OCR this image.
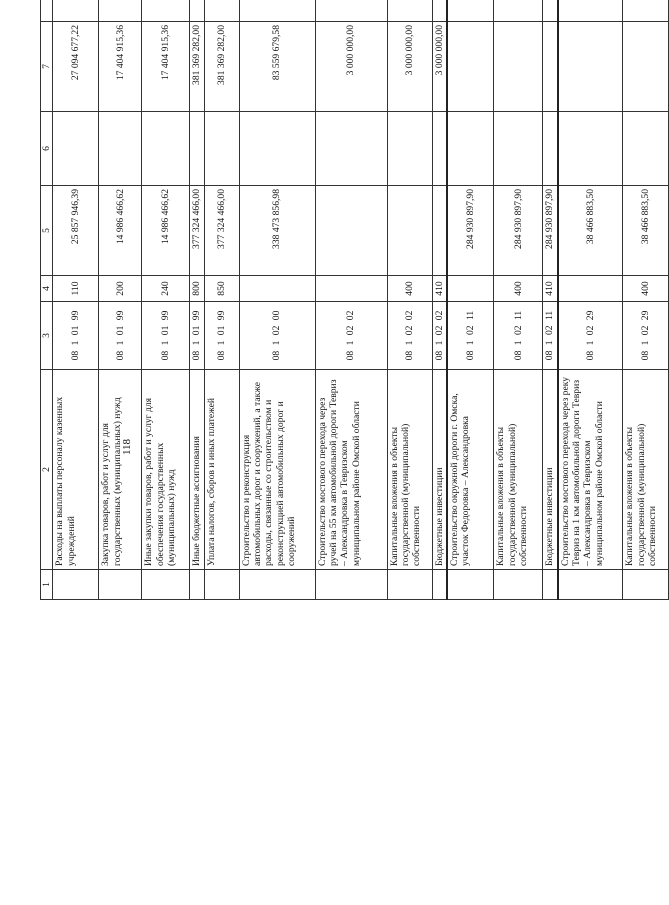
118
1	2	3	4	5	6	7			
	Расходы на выплаты персоналу казенных учреждений	08 1 01 99	110	25 857 946,39		27 094 677,22			
	Закупка товаров, работ и услуг для государственных (муниципальных) нужд	08 1 01 99	200	14 986 466,62		17 404 915,36			
	Иные закупки товаров, работ и услуг для обеспечения государственных (муниципальных) нужд	08 1 01 99	240	14 986 466,62		17 404 915,36			
	Иные бюджетные ассигнования	08 1 01 99	800	377 324 466,00		381 369 282,00			
	Уплата налогов, сборов и иных платежей	08 1 01 99	850	377 324 466,00		381 369 282,00			
	Строительство и реконструкция автомобильных дорог и сооружений, а также расходы, связанные со строительством и реконструкцией автомобильных дорог и сооружений	08 1 02 00		338 473 856,98		83 559 679,58			
	Строительство мостового перехода через ручей на 55 км автомобильной дороги Тевриз – Александровка в Тевризском муниципальном районе Омской области	08 1 02 02				3 000 000,00			
	Капитальные вложения в объекты государственной (муниципальной) собственности	08 1 02 02	400			3 000 000,00			
	Бюджетные инвестиции	08 1 02 02	410			3 000 000,00			
	Строительство окружной дороги г. Омска, участок Федоровка – Александровка	08 1 02 11		284 930 897,90					
	Капитальные вложения в объекты государственной (муниципальной) собственности	08 1 02 11	400	284 930 897,90					
	Бюджетные инвестиции	08 1 02 11	410	284 930 897,90					
	Строительство мостового перехода через реку Тевриз на 1 км автомобильной дороги Тевриз – Александровка в Тевризском муниципальном районе Омской области	08 1 02 29		38 466 883,50					
	Капитальные вложения в объекты государственной (муниципальной) собственности	08 1 02 29	400	38 466 883,50					
